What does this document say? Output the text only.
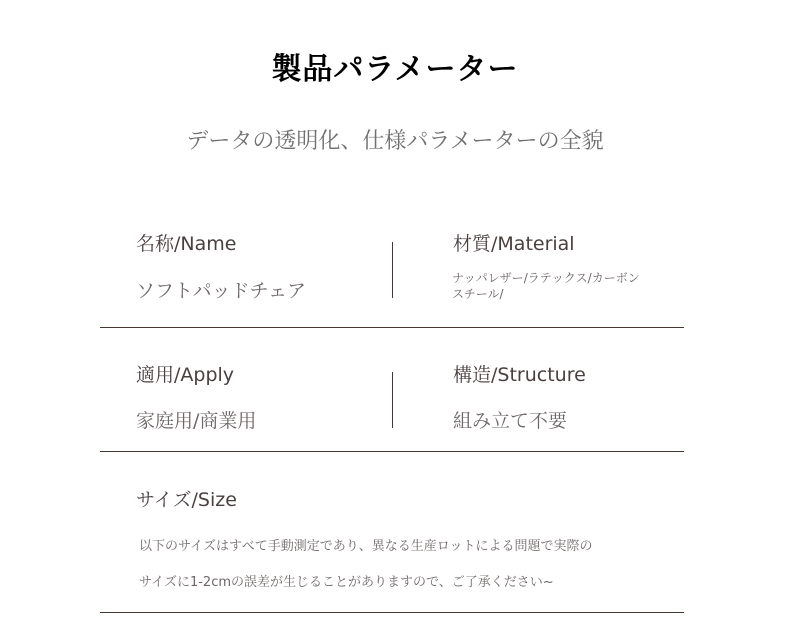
製品パラメーター
データの透明化、仕様パラメーターの全貌
名称/Name
ソフトパッドチェア
材質/Material
ナッパレザー/ラテックス/カーボン
スチール/
適用/Apply
家庭用/商業用
構造/Structure
組み立て不要
サイズ/Size
以下のサイズはすべて手動測定であり、異なる生産ロットによる問題で実際の
サイズに1-2cmの誤差が生じることがありますので、ご了承ください~
